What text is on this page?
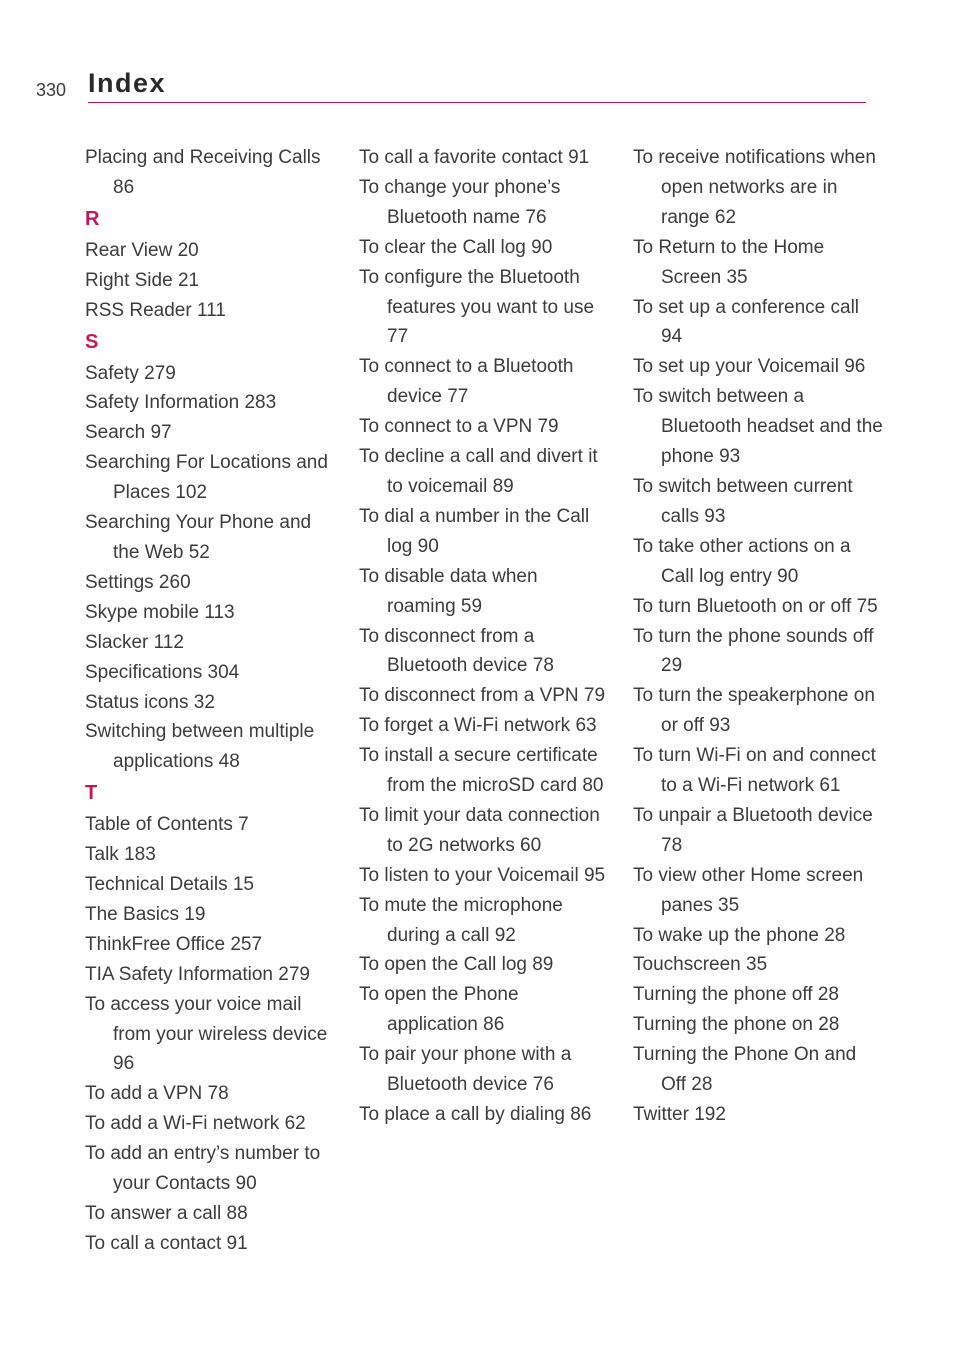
330 Index
Placing and Receiving Calls 86
R
Rear View 20
Right Side 21
RSS Reader 111
S
Safety 279
Safety Information 283
Search 97
Searching For Locations and Places 102
Searching Your Phone and the Web 52
Settings 260
Skype mobile 113
Slacker 112
Specifications 304
Status icons 32
Switching between multiple applications 48
T
Table of Contents 7
Talk 183
Technical Details 15
The Basics 19
ThinkFree Office 257
TIA Safety Information 279
To access your voice mail from your wireless device 96
To add a VPN 78
To add a Wi-Fi network 62
To add an entry’s number to your Contacts 90
To answer a call 88
To call a contact 91
To call a favorite contact 91
To change your phone’s Bluetooth name 76
To clear the Call log 90
To configure the Bluetooth features you want to use 77
To connect to a Bluetooth device 77
To connect to a VPN 79
To decline a call and divert it to voicemail 89
To dial a number in the Call log 90
To disable data when roaming 59
To disconnect from a Bluetooth device 78
To disconnect from a VPN 79
To forget a Wi-Fi network 63
To install a secure certificate from the microSD card 80
To limit your data connection to 2G networks 60
To listen to your Voicemail 95
To mute the microphone during a call 92
To open the Call log 89
To open the Phone application 86
To pair your phone with a Bluetooth device 76
To place a call by dialing 86
To receive notifications when open networks are in range 62
To Return to the Home Screen 35
To set up a conference call 94
To set up your Voicemail 96
To switch between a Bluetooth headset and the phone 93
To switch between current calls 93
To take other actions on a Call log entry 90
To turn Bluetooth on or off 75
To turn the phone sounds off 29
To turn the speakerphone on or off 93
To turn Wi-Fi on and connect to a Wi-Fi network 61
To unpair a Bluetooth device 78
To view other Home screen panes 35
To wake up the phone 28
Touchscreen 35
Turning the phone off 28
Turning the phone on 28
Turning the Phone On and Off 28
Twitter 192
